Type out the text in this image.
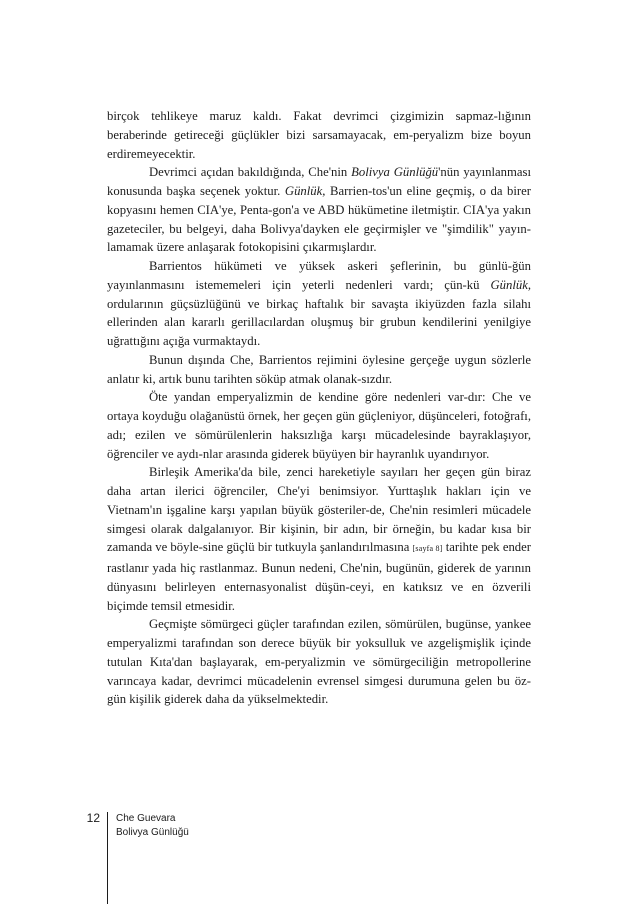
birçok tehlikeye maruz kaldı. Fakat devrimci çizgimizin sapmaz-lığının beraberinde getireceği güçlükler bizi sarsamayacak, em-peryalizm bize boyun erdiremeyecektir.

Devrimci açıdan bakıldığında, Che'nin Bolivya Günlüğü'nün yayınlanması konusunda başka seçenek yoktur. Günlük, Barrien-tos'un eline geçmiş, o da birer kopyasını hemen CIA'ye, Penta-gon'a ve ABD hükümetine iletmiştir. CIA'ya yakın gazeteciler, bu belgeyi, daha Bolivya'dayken ele geçirmişler ve "şimdilik" yayın-lamamak üzere anlaşarak fotokopisini çıkarmışlardır.

Barrientos hükümeti ve yüksek askeri şeflerinin, bu günlü-ğün yayınlanmasını istememeleri için yeterli nedenleri vardı; çün-kü Günlük, ordularının güçsüzlüğünü ve birkaç haftalık bir savaşta ikiyüzden fazla silahı ellerinden alan kararlı gerillacılardan oluşmuş bir grubun kendilerini yenilgiye uğrattığını açığa vurmaktaydı.

Bunun dışında Che, Barrientos rejimini öylesine gerçeğe uygun sözlerle anlatır ki, artık bunu tarihten söküp atmak olanak-sızdır.

Öte yandan emperyalizmin de kendine göre nedenleri var-dır: Che ve ortaya koyduğu olağanüstü örnek, her geçen gün güçleniyor, düşünceleri, fotoğrafı, adı; ezilen ve sömürülenlerin haksızlığa karşı mücadelesinde bayraklaşıyor, öğrenciler ve aydı-nlar arasında giderek büyüyen bir hayranlık uyandırıyor.

Birleşik Amerika'da bile, zenci hareketiyle sayıları her geçen gün biraz daha artan ilerici öğrenciler, Che'yi benimsiyor. Yurttaşlık hakları için ve Vietnam'ın işgaline karşı yapılan büyük gösteriler-de, Che'nin resimleri mücadele simgesi olarak dalgalanıyor. Bir kişinin, bir adın, bir örneğin, bu kadar kısa bir zamanda ve böyle-sine güçlü bir tutkuyla şanlandırılmasına [sayfa 8] tarihte pek ender rastlanır yada hiç rastlanmaz. Bunun nedeni, Che'nin, bugünün, giderek de yarının dünyasını belirleyen enternasyonalist düşün-ceyi, en katıksız ve en özverili biçimde temsil etmesidir.

Geçmişte sömürgeci güçler tarafından ezilen, sömürülen, bugünse, yankee emperyalizmi tarafından son derece büyük bir yoksulluk ve azgelişmişlik içinde tutulan Kıta'dan başlayarak, em-peryalizmin ve sömürgeciliğin metropollerine varıncaya kadar, devrimci mücadelenin evrensel simgesi durumuna gelen bu öz-gün kişilik giderek daha da yükselmektedir.

12 Che Guevara
Bolivya Günlüğü
